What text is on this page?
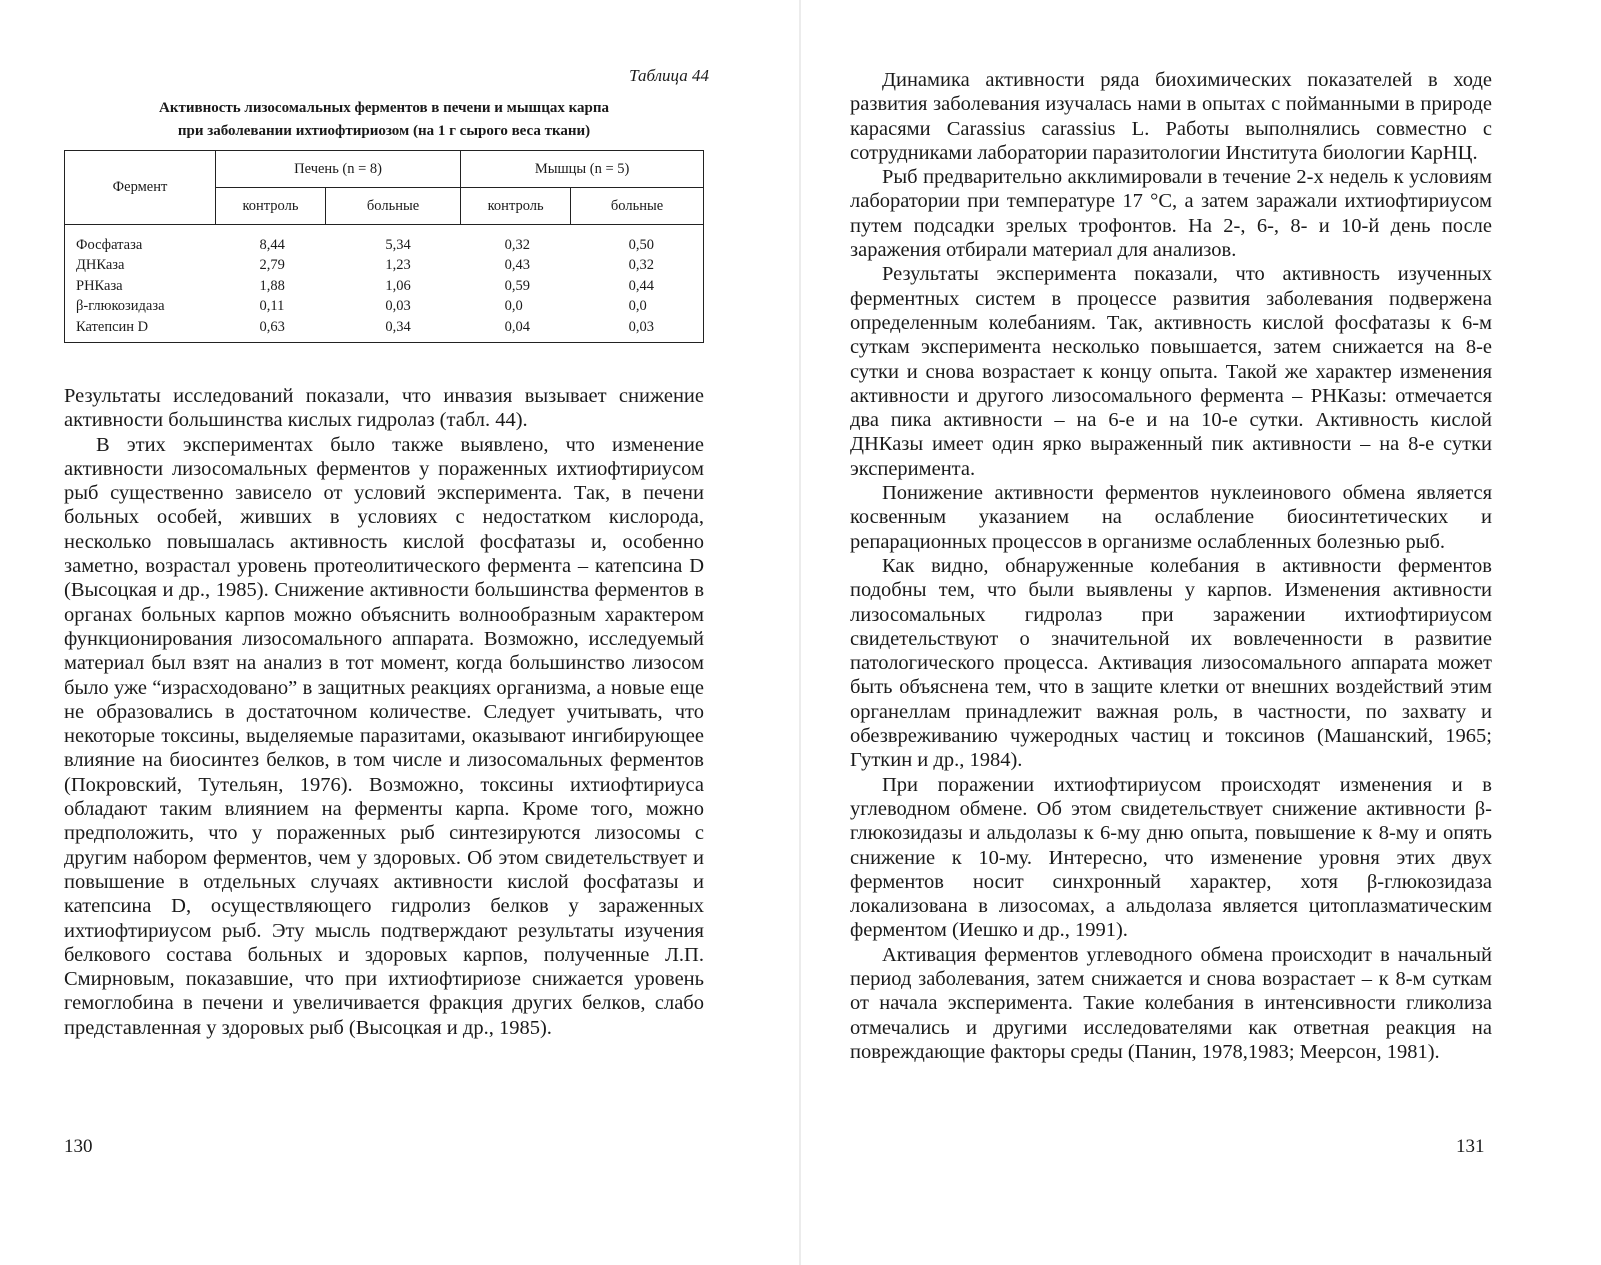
Таблица 44
Активность лизосомальных ферментов в печени и мышцах карпа
при заболевании ихтиофтириозом (на 1 г сырого веса ткани)
Фермент	Печень (n = 8)		Мышцы (n = 5)	
	контроль	больные	контроль	больные
Фосфатаза	8,44	5,34	0,32	0,50
ДНКаза	2,79	1,23	0,43	0,32
РНКаза	1,88	1,06	0,59	0,44
β-глюкозидаза	0,11	0,03	0,0	0,0
Катепсин D	0,63	0,34	0,04	0,03

Результаты исследований показали, что инвазия вызывает снижение активности большинства кислых гидролаз (табл. 44).

В этих экспериментах было также выявлено, что изменение активности лизосомальных ферментов у пораженных ихтиофтириусом рыб существенно зависело от условий эксперимента. Так, в печени больных особей, живших в условиях с недостатком кислорода, несколько повышалась активность кислой фосфатазы и, особенно заметно, возрастал уровень протеолитического фермента – катепсина D (Высоцкая и др., 1985). Снижение активности большинства ферментов в органах больных карпов можно объяснить волнообразным характером функционирования лизосомального аппарата. Возможно, исследуемый материал был взят на анализ в тот момент, когда большинство лизосом было уже “израсходовано” в защитных реакциях организма, а новые еще не образовались в достаточном количестве. Следует учитывать, что некоторые токсины, выделяемые паразитами, оказывают ингибирующее влияние на биосинтез белков, в том числе и лизосомальных ферментов (Покровский, Тутельян, 1976). Возможно, токсины ихтиофтириуса обладают таким влиянием на ферменты карпа. Кроме того, можно предположить, что у пораженных рыб синтезируются лизосомы с другим набором ферментов, чем у здоровых. Об этом свидетельствует и повышение в отдельных случаях активности кислой фосфатазы и катепсина D, осуществляющего гидролиз белков у зараженных ихтиофтириусом рыб. Эту мысль подтверждают результаты изучения белкового состава больных и здоровых карпов, полученные Л.П. Смирновым, показавшие, что при ихтиофтириозе снижается уровень гемоглобина в печени и увеличивается фракция других белков, слабо представленная у здоровых рыб (Высоцкая и др., 1985).

130

Динамика активности ряда биохимических показателей в ходе развития заболевания изучалась нами в опытах с пойманными в природе карасями Carassius carassius L. Работы выполнялись совместно с сотрудниками лаборатории паразитологии Института биологии КарНЦ.

Рыб предварительно акклимировали в течение 2-х недель к условиям лаборатории при температуре 17 °С, а затем заражали ихтиофтириусом путем подсадки зрелых трофонтов. На 2-, 6-, 8- и 10-й день после заражения отбирали материал для анализов.

Результаты эксперимента показали, что активность изученных ферментных систем в процессе развития заболевания подвержена определенным колебаниям. Так, активность кислой фосфатазы к 6-м суткам эксперимента несколько повышается, затем снижается на 8-е сутки и снова возрастает к концу опыта. Такой же характер изменения активности и другого лизосомального фермента – РНКазы: отмечается два пика активности – на 6-е и на 10-е сутки. Активность кислой ДНКазы имеет один ярко выраженный пик активности – на 8-е сутки эксперимента.

Понижение активности ферментов нуклеинового обмена является косвенным указанием на ослабление биосинтетических и репарационных процессов в организме ослабленных болезнью рыб.

Как видно, обнаруженные колебания в активности ферментов подобны тем, что были выявлены у карпов. Изменения активности лизосомальных гидролаз при заражении ихтиофтириусом свидетельствуют о значительной их вовлеченности в развитие патологического процесса. Активация лизосомального аппарата может быть объяснена тем, что в защите клетки от внешних воздействий этим органеллам принадлежит важная роль, в частности, по захвату и обезвреживанию чужеродных частиц и токсинов (Машанский, 1965; Гуткин и др., 1984).

При поражении ихтиофтириусом происходят изменения и в углеводном обмене. Об этом свидетельствует снижение активности β-глюкозидазы и альдолазы к 6-му дню опыта, повышение к 8-му и опять снижение к 10-му. Интересно, что изменение уровня этих двух ферментов носит синхронный характер, хотя β-глюкозидаза локализована в лизосомах, а альдолаза является цитоплазматическим ферментом (Иешко и др., 1991).

Активация ферментов углеводного обмена происходит в начальный период заболевания, затем снижается и снова возрастает – к 8-м суткам от начала эксперимента. Такие колебания в интенсивности гликолиза отмечались и другими исследователями как ответная реакция на повреждающие факторы среды (Панин, 1978,1983; Меерсон, 1981).

131
